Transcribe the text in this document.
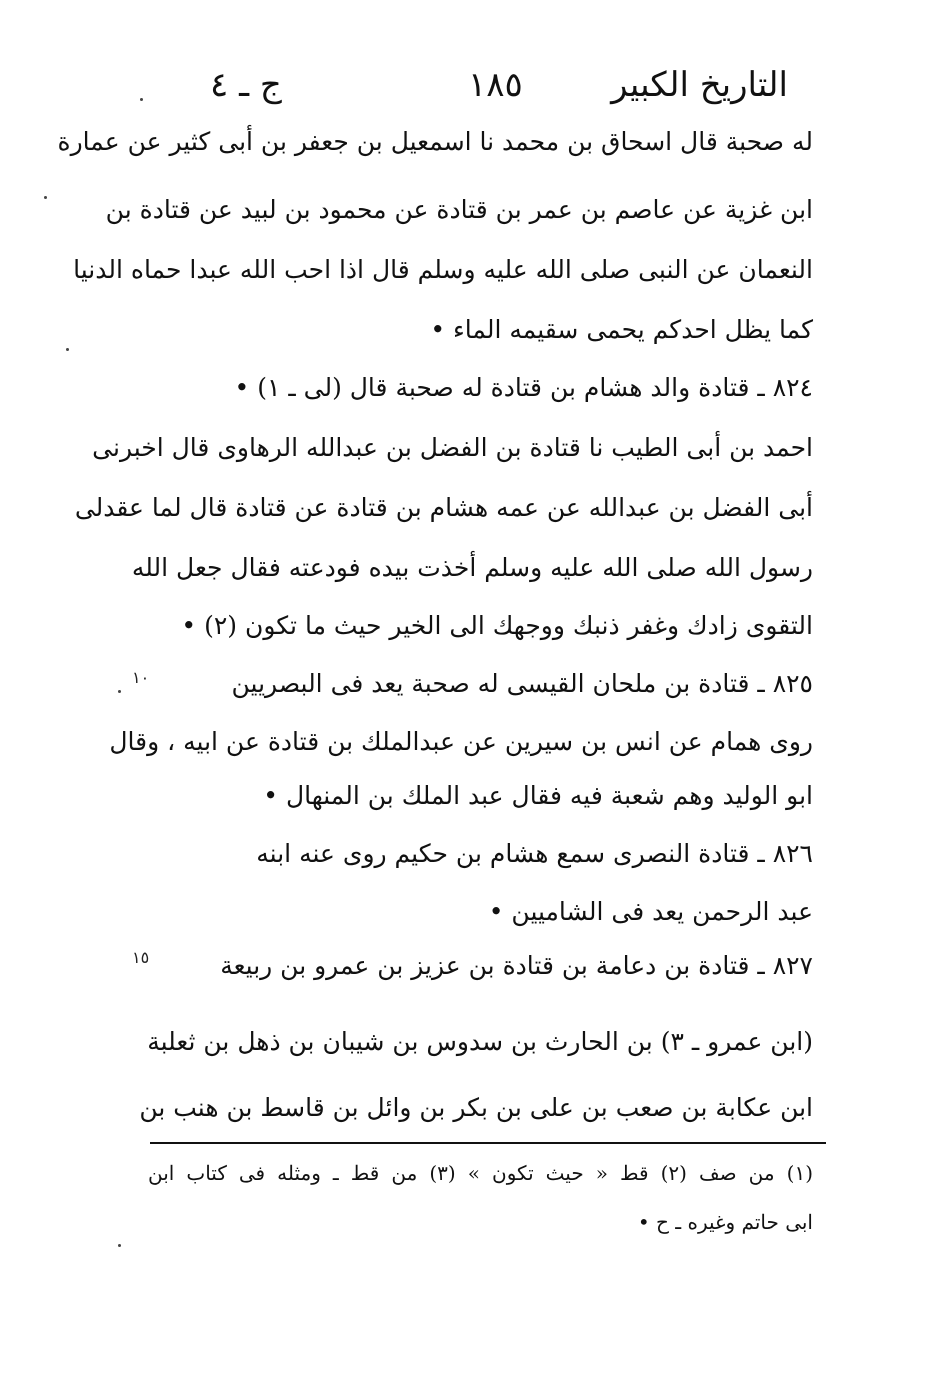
التاريخ الكبير
١٨٥
ج ـ ٤
له صحبة قال اسحاق بن محمد نا اسمعيل بن جعفر بن أبى كثير عن عمارة
ابن غزية عن عاصم بن عمر بن قتادة عن محمود بن لبيد عن قتادة بن
النعمان عن النبى صلى الله عليه وسلم قال اذا احب الله عبدا حماه الدنيا
كما يظل احدكم يحمى سقيمه الماء •
٨٢٤ ـ قتادة والد هشام بن قتادة له صحبة قال (لى ـ ١) •
احمد بن أبى الطيب نا قتادة بن الفضل بن عبدالله الرهاوى قال اخبرنى
أبى الفضل بن عبدالله عن عمه هشام بن قتادة عن قتادة قال لما عقدلى
رسول الله صلى الله عليه وسلم أخذت بيده فودعته فقال جعل الله
التقوى زادك وغفر ذنبك ووجهك الى الخير حيث ما تكون (٢) •
٨٢٥ ـ قتادة بن ملحان القيسى له صحبة يعد فى البصريين
روى همام عن انس بن سيرين عن عبدالملك بن قتادة عن ابيه ، وقال
ابو الوليد وهم شعبة فيه فقال عبد الملك بن المنهال •
٨٢٦ ـ قتادة النصرى سمع هشام بن حكيم روى عنه ابنه
عبد الرحمن يعد فى الشاميين •
٨٢٧ ـ قتادة بن دعامة بن قتادة بن عزيز بن عمرو بن ربيعة
(ابن عمرو ـ ٣) بن الحارث بن سدوس بن شيبان بن ذهل بن ثعلبة
ابن عكابة بن صعب بن على بن بكر بن وائل بن قاسط بن هنب بن
١٠
١٥
(١) من صف (٢) قط « حيث تكون » (٣) من قط ـ ومثله فى كتاب ابن
ابى حاتم وغيره ـ ح •
